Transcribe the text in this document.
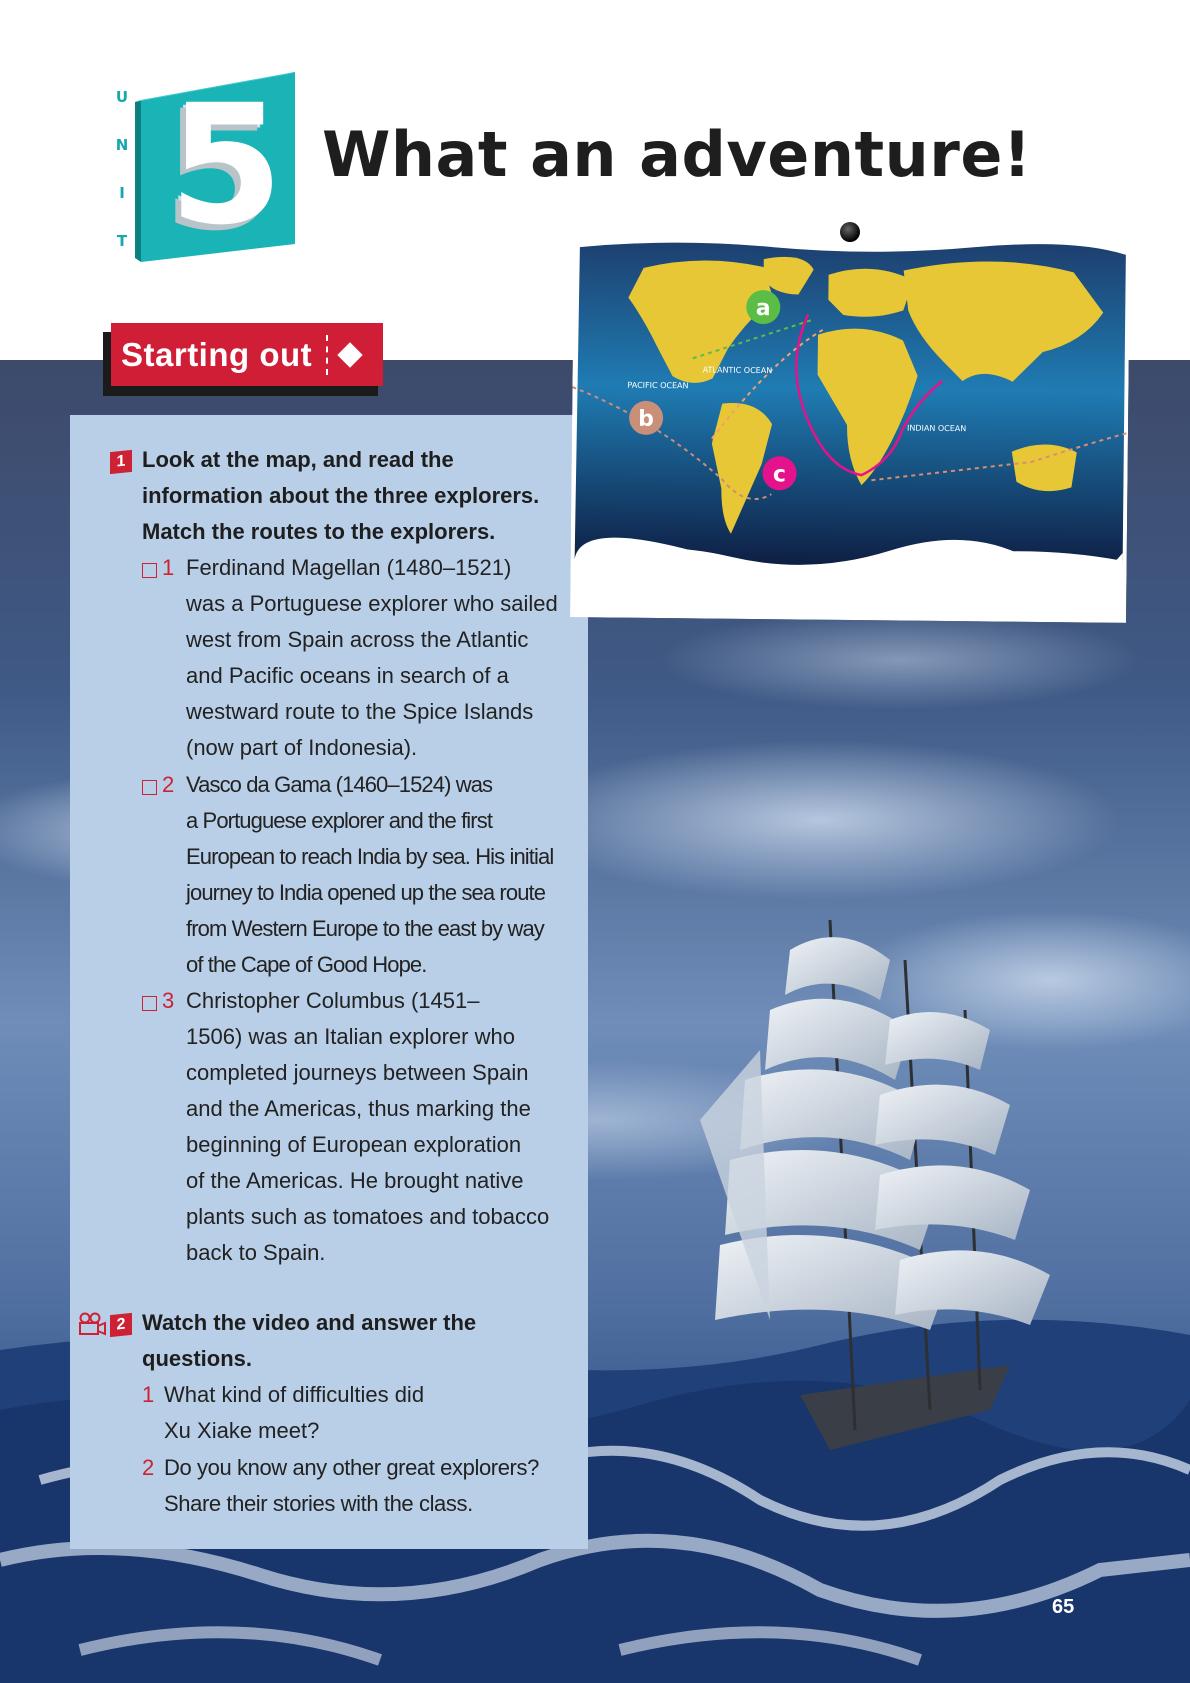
U
N
I
T 5 What an adventure!
Starting out
1 Look at the map, and read the
information about the three explorers.
Match the routes to the explorers.
1 Ferdinand Magellan (1480–1521)
was a Portuguese explorer who sailed
west from Spain across the Atlantic
and Pacific oceans in search of a
westward route to the Spice Islands
(now part of Indonesia).
2 Vasco da Gama (1460–1524) was
a Portuguese explorer and the first
European to reach India by sea. His initial
journey to India opened up the sea route
from Western Europe to the east by way
of the Cape of Good Hope.
3 Christopher Columbus (1451–
1506) was an Italian explorer who
completed journeys between Spain
and the Americas, thus marking the
beginning of European exploration
of the Americas. He brought native
plants such as tomatoes and tobacco
back to Spain.
2 Watch the video and answer the
questions.
1 What kind of difficulties did
Xu Xiake meet?
2 Do you know any other great explorers?
Share their stories with the class.
ATLANTIC OCEAN
PACIFIC OCEAN
INDIAN OCEAN
a
b
c
65
